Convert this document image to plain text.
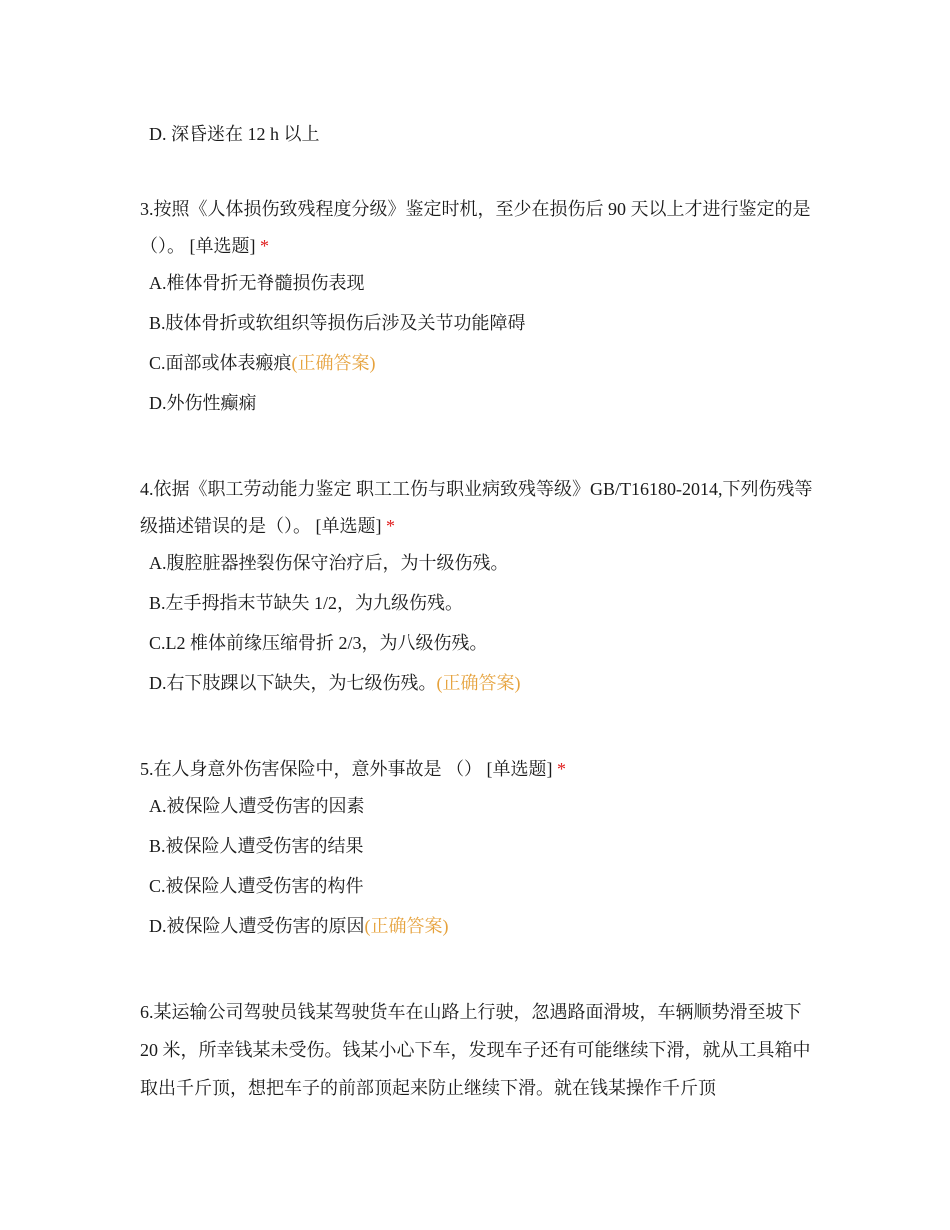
D. 深昏迷在 12 h 以上

3.按照《人体损伤致残程度分级》鉴定时机，至少在损伤后 90 天以上才进行鉴定的是（）。 [单选题] *

A.椎体骨折无脊髓损伤表现
B.肢体骨折或软组织等损伤后涉及关节功能障碍
C.面部或体表瘢痕(正确答案)
D.外伤性癫痫

4.依据《职工劳动能力鉴定 职工工伤与职业病致残等级》GB/T16180-2014,下列伤残等级描述错误的是（）。 [单选题] *

A.腹腔脏器挫裂伤保守治疗后，为十级伤残。
B.左手拇指末节缺失 1/2，为九级伤残。
C.L2 椎体前缘压缩骨折 2/3，为八级伤残。
D.右下肢踝以下缺失，为七级伤残。(正确答案)

5.在人身意外伤害保险中，意外事故是 （） [单选题] *

A.被保险人遭受伤害的因素
B.被保险人遭受伤害的结果
C.被保险人遭受伤害的构件
D.被保险人遭受伤害的原因(正确答案)

6.某运输公司驾驶员钱某驾驶货车在山路上行驶，忽遇路面滑坡，车辆顺势滑至坡下 20 米，所幸钱某未受伤。钱某小心下车，发现车子还有可能继续下滑，就从工具箱中取出千斤顶，想把车子的前部顶起来防止继续下滑。就在钱某操作千斤顶
